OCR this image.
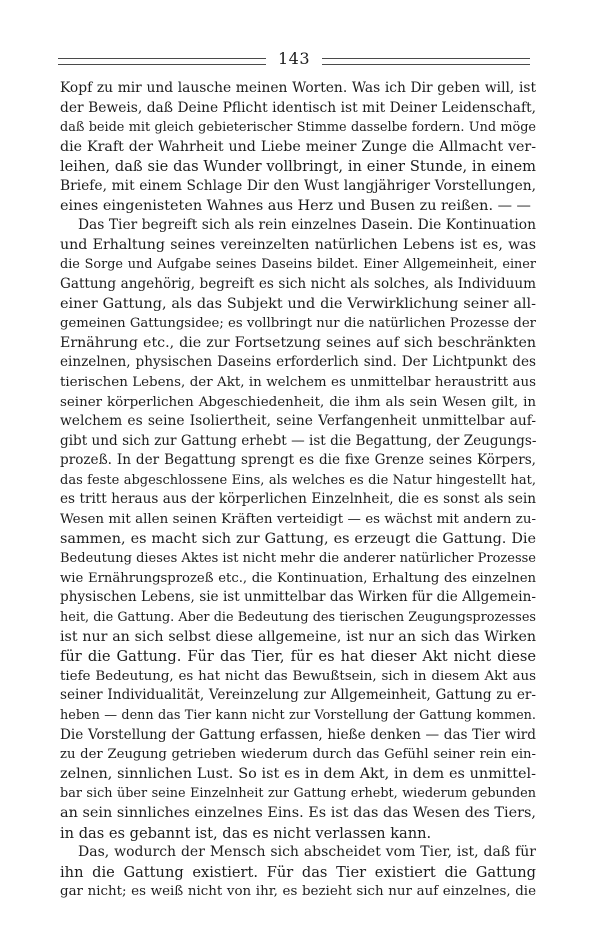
143

Kopf zu mir und lausche meinen Worten. Was ich Dir geben will, ist
der Beweis, daß Deine Pflicht identisch ist mit Deiner Leidenschaft,
daß beide mit gleich gebieterischer Stimme dasselbe fordern. Und möge
die Kraft der Wahrheit und Liebe meiner Zunge die Allmacht ver-
leihen, daß sie das Wunder vollbringt, in einer Stunde, in einem
Briefe, mit einem Schlage Dir den Wust langjähriger Vorstellungen,
eines eingenisteten Wahnes aus Herz und Busen zu reißen. — —

Das Tier begreift sich als rein einzelnes Dasein. Die Kontinuation
und Erhaltung seines vereinzelten natürlichen Lebens ist es, was
die Sorge und Aufgabe seines Daseins bildet. Einer Allgemeinheit, einer
Gattung angehörig, begreift es sich nicht als solches, als Individuum
einer Gattung, als das Subjekt und die Verwirklichung seiner all-
gemeinen Gattungsidee; es vollbringt nur die natürlichen Prozesse der
Ernährung etc., die zur Fortsetzung seines auf sich beschränkten
einzelnen, physischen Daseins erforderlich sind. Der Lichtpunkt des
tierischen Lebens, der Akt, in welchem es unmittelbar heraustritt aus
seiner körperlichen Abgeschiedenheit, die ihm als sein Wesen gilt, in
welchem es seine Isoliertheit, seine Verfangenheit unmittelbar auf-
gibt und sich zur Gattung erhebt — ist die Begattung, der Zeugungs-
prozeß. In der Begattung sprengt es die fixe Grenze seines Körpers,
das feste abgeschlossene Eins, als welches es die Natur hingestellt hat,
es tritt heraus aus der körperlichen Einzelnheit, die es sonst als sein
Wesen mit allen seinen Kräften verteidigt — es wächst mit andern zu-
sammen, es macht sich zur Gattung, es erzeugt die Gattung. Die
Bedeutung dieses Aktes ist nicht mehr die anderer natürlicher Prozesse
wie Ernährungsprozeß etc., die Kontinuation, Erhaltung des einzelnen
physischen Lebens, sie ist unmittelbar das Wirken für die Allgemein-
heit, die Gattung. Aber die Bedeutung des tierischen Zeugungsprozesses
ist nur an sich selbst diese allgemeine, ist nur an sich das Wirken
für die Gattung. Für das Tier, für es hat dieser Akt nicht diese
tiefe Bedeutung, es hat nicht das Bewußtsein, sich in diesem Akt aus
seiner Individualität, Vereinzelung zur Allgemeinheit, Gattung zu er-
heben — denn das Tier kann nicht zur Vorstellung der Gattung kommen.
Die Vorstellung der Gattung erfassen, hieße denken — das Tier wird
zu der Zeugung getrieben wiederum durch das Gefühl seiner rein ein-
zelnen, sinnlichen Lust. So ist es in dem Akt, in dem es unmittel-
bar sich über seine Einzelnheit zur Gattung erhebt, wiederum gebunden
an sein sinnliches einzelnes Eins. Es ist das das Wesen des Tiers,
in das es gebannt ist, das es nicht verlassen kann.

Das, wodurch der Mensch sich abscheidet vom Tier, ist, daß für
ihn die Gattung existiert. Für das Tier existiert die Gattung
gar nicht; es weiß nicht von ihr, es bezieht sich nur auf einzelnes, die
